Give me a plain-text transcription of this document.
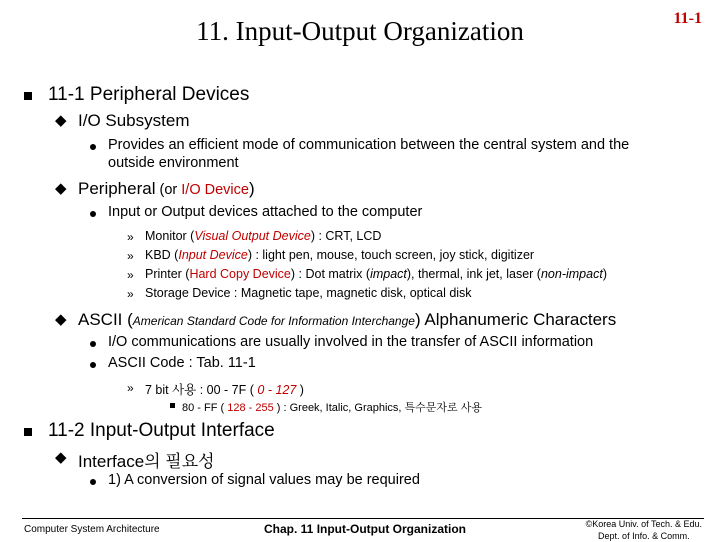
11. Input-Output Organization	11-1
11-1 Peripheral Devices
◆ I/O Subsystem
Provides an efficient mode of communication between the central system and the
outside environment
◆ Peripheral (or I/O Device)
Input or Output devices attached to the computer
» Monitor (Visual Output Device) : CRT, LCD
» KBD (Input Device) : light pen, mouse, touch screen, joy stick, digitizer
» Printer (Hard Copy Device) : Dot matrix (impact), thermal, ink jet, laser (non-impact)
» Storage Device : Magnetic tape, magnetic disk, optical disk
◆ ASCII (American Standard Code for Information Interchange) Alphanumeric Characters
I/O communications are usually involved in the transfer of ASCII information
ASCII Code : Tab. 11-1
» 7 bit 사용 : 00 - 7F ( 0 - 127 )
80 - FF ( 128 - 255 ) : Greek, Italic, Graphics, 특수문자로 사용
11-2 Input-Output Interface
◆ Interface의 필요성
1) A conversion of signal values may be required
Computer System Architecture	Chap. 11 Input-Output Organization	©Korea Univ. of Tech. & Edu.
Dept. of Info. & Comm.
